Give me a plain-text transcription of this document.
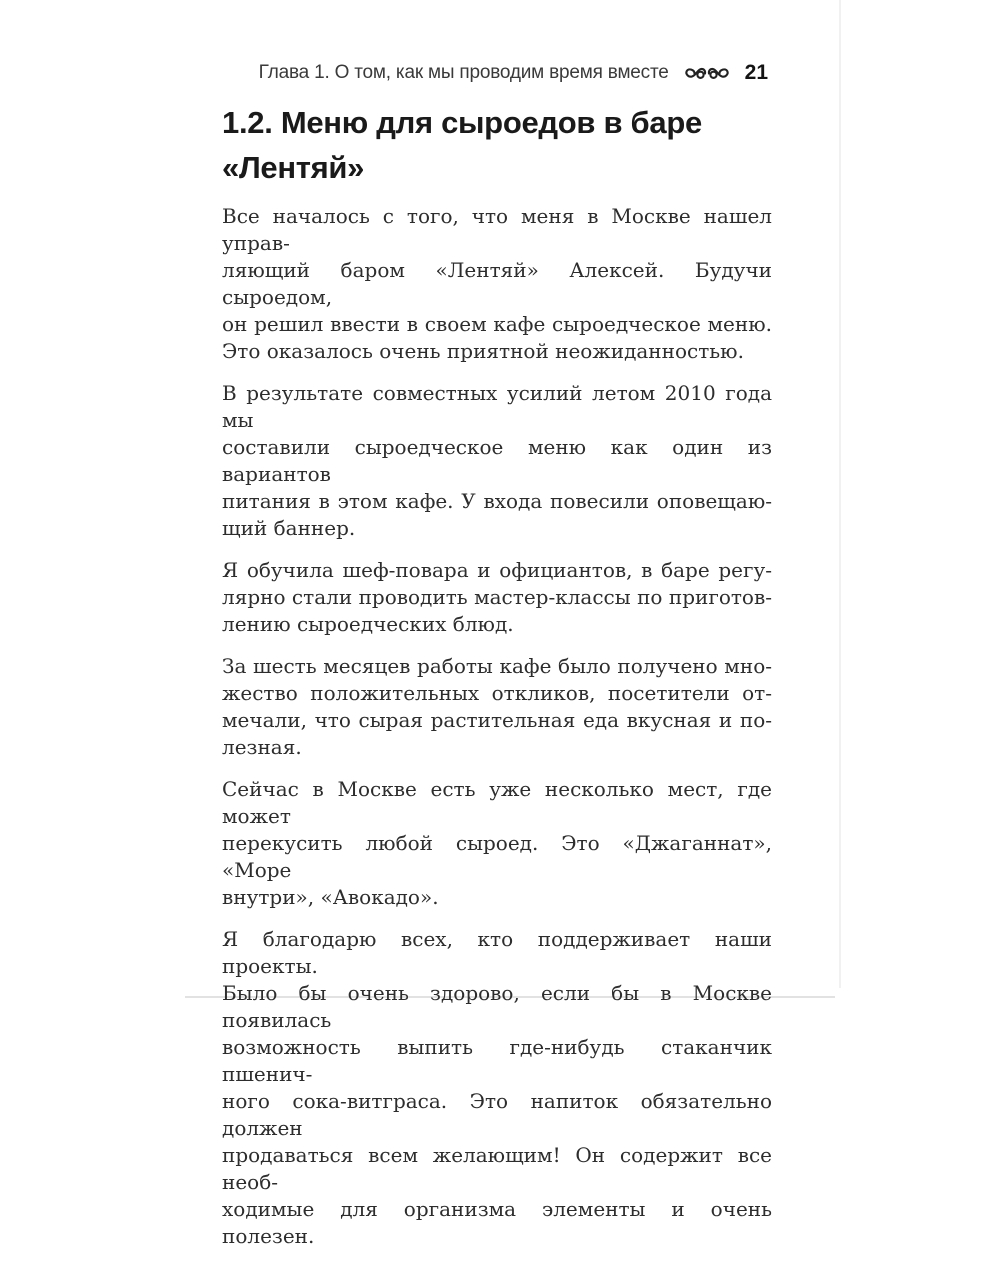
Глава 1. О том, как мы проводим время вместе	21
1.2. Меню для сыроедов в баре
«Лентяй»
Все началось с того, что меня в Москве нашел управ-
ляющий баром «Лентяй» Алексей. Будучи сыроедом,
он решил ввести в своем кафе сыроедческое меню.
Это оказалось очень приятной неожиданностью.
В результате совместных усилий летом 2010 года мы
составили сыроедческое меню как один из вариантов
питания в этом кафе. У входа повесили оповещаю-
щий баннер.
Я обучила шеф-повара и официантов, в баре регу-
лярно стали проводить мастер-классы по приготов-
лению сыроедческих блюд.
За шесть месяцев работы кафе было получено мно-
жество положительных откликов, посетители от-
мечали, что сырая растительная еда вкусная и по-
лезная.
Сейчас в Москве есть уже несколько мест, где может
перекусить любой сыроед. Это «Джаганнат», «Море
внутри», «Авокадо».
Я благодарю всех, кто поддерживает наши проекты.
Было бы очень здорово, если бы в Москве появилась
возможность выпить где-нибудь стаканчик пшенич-
ного сока-витграса. Это напиток обязательно должен
продаваться всем желающим! Он содержит все необ-
ходимые для организма элементы и очень полезен.
